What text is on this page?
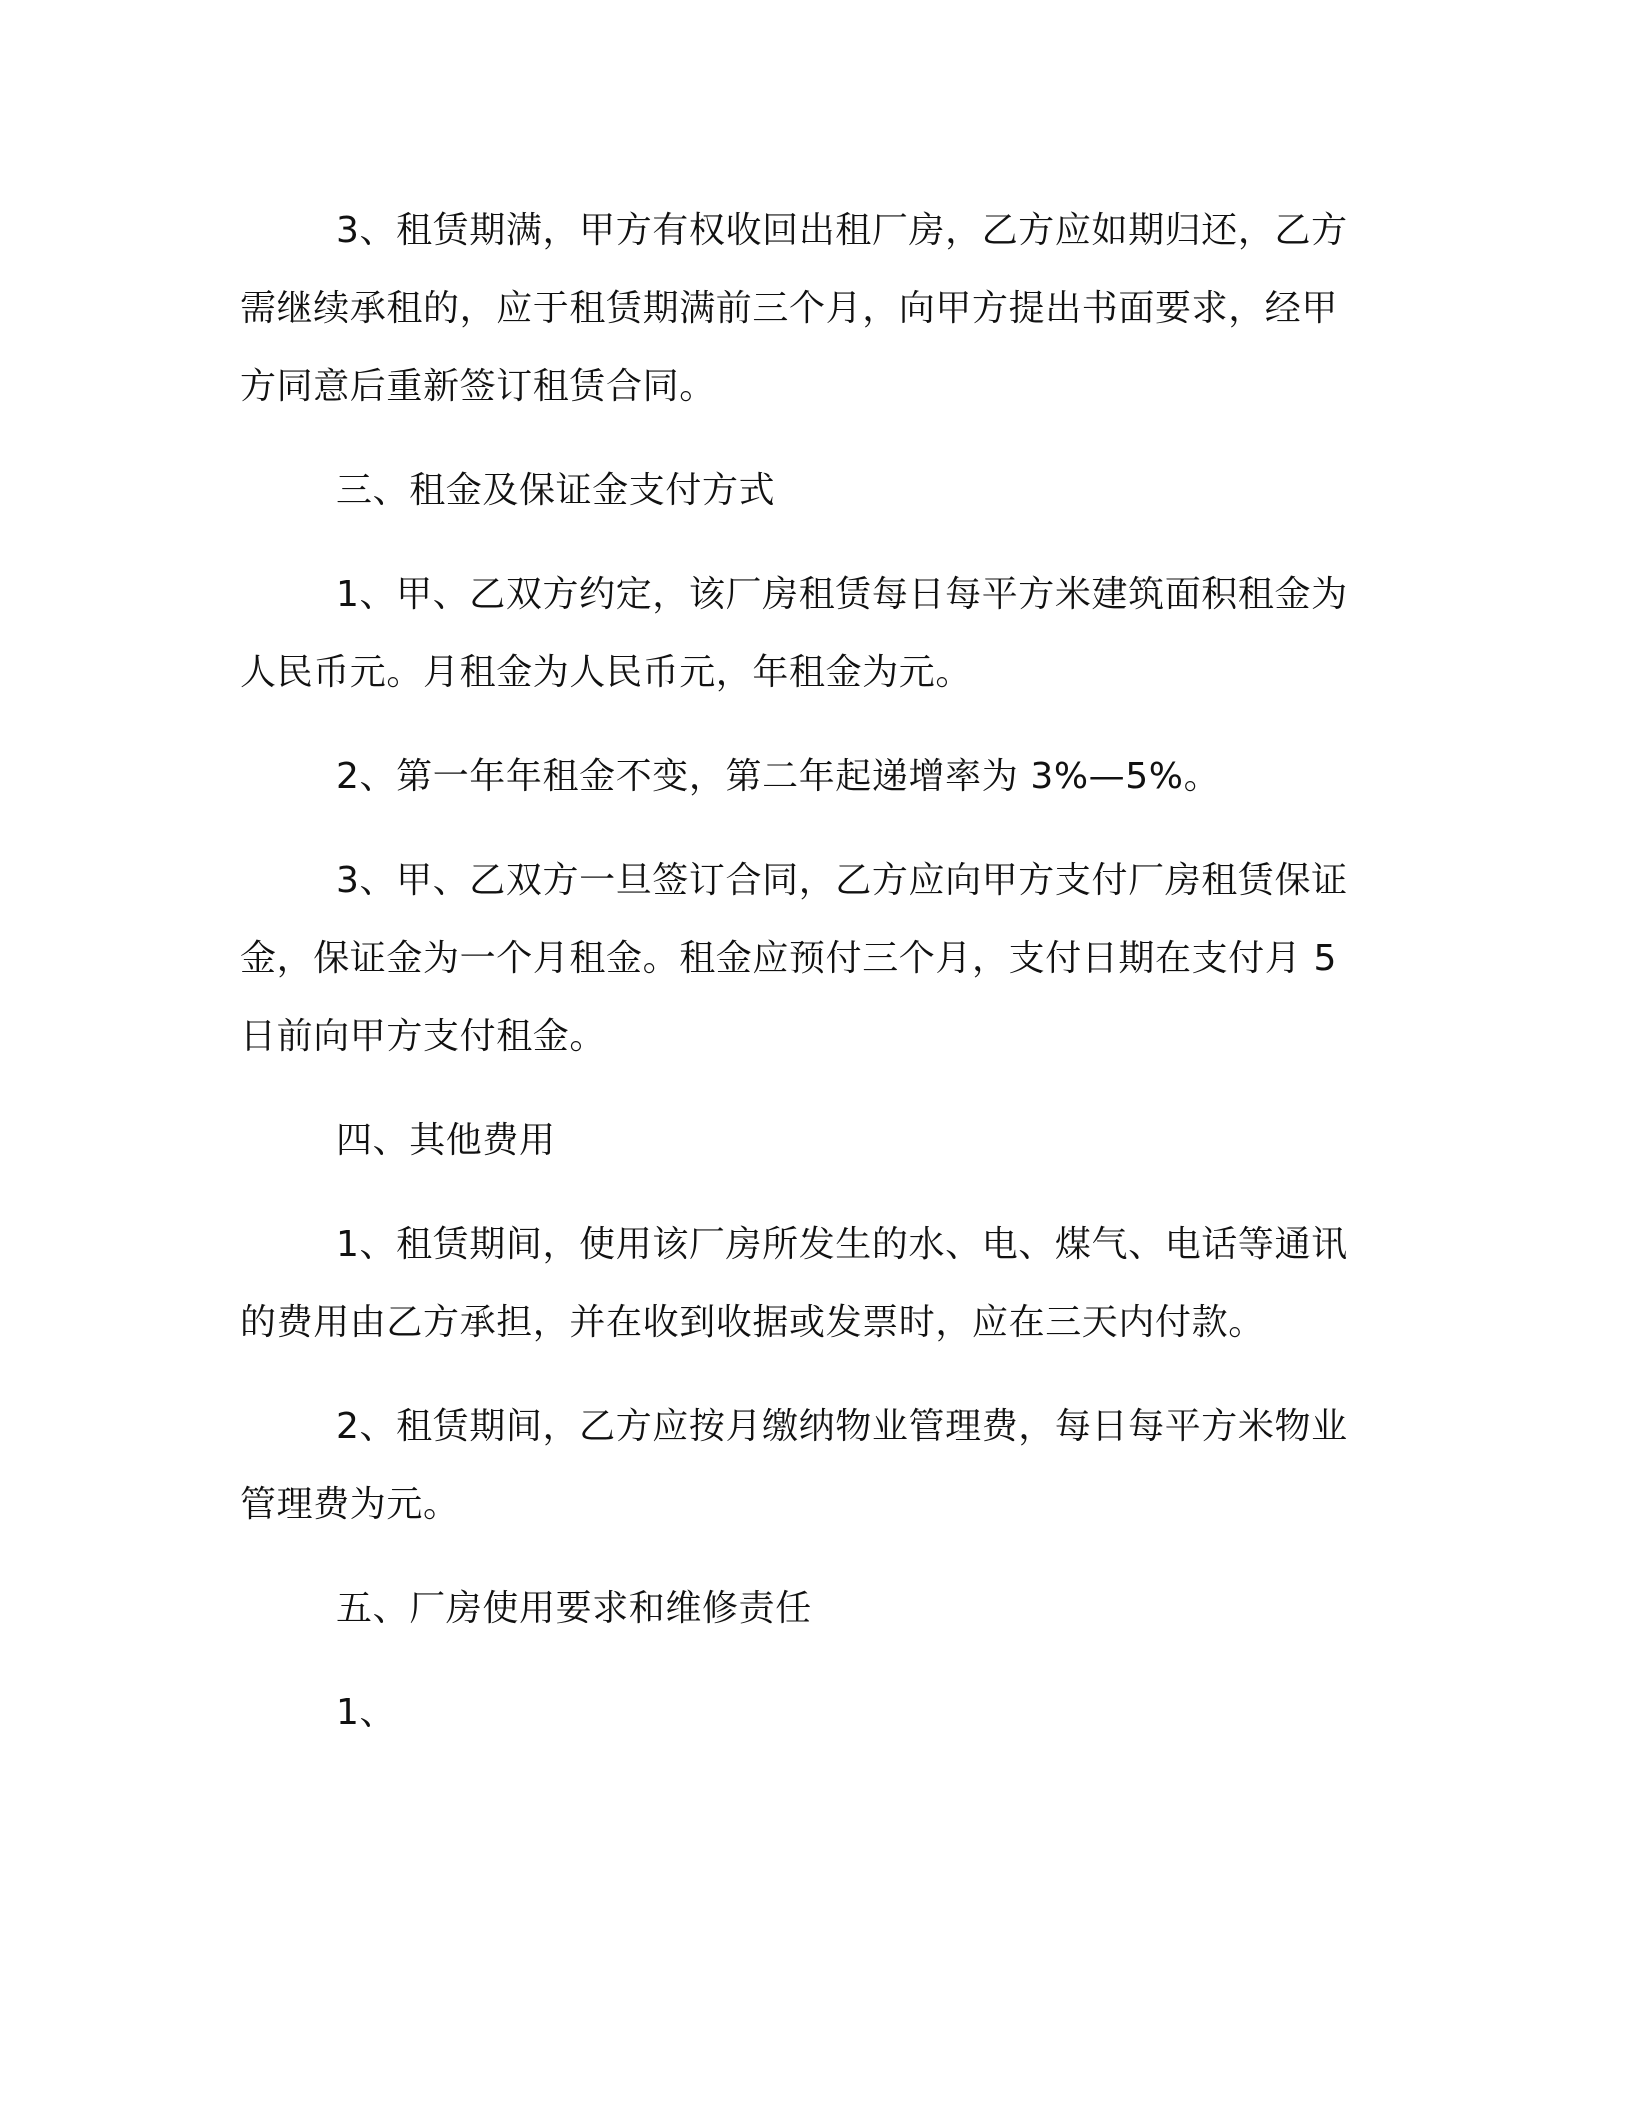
3、租赁期满，甲方有权收回出租厂房，乙方应如期归还，乙方需继续承租的，应于租赁期满前三个月，向甲方提出书面要求，经甲方同意后重新签订租赁合同。

三、租金及保证金支付方式

1、甲、乙双方约定，该厂房租赁每日每平方米建筑面积租金为人民币元。月租金为人民币元，年租金为元。

2、第一年年租金不变，第二年起递增率为 3%—5%。

3、甲、乙双方一旦签订合同，乙方应向甲方支付厂房租赁保证金，保证金为一个月租金。租金应预付三个月，支付日期在支付月 5 日前向甲方支付租金。

四、其他费用

1、租赁期间，使用该厂房所发生的水、电、煤气、电话等通讯的费用由乙方承担，并在收到收据或发票时，应在三天内付款。

2、租赁期间，乙方应按月缴纳物业管理费，每日每平方米物业管理费为元。

五、厂房使用要求和维修责任

1、
